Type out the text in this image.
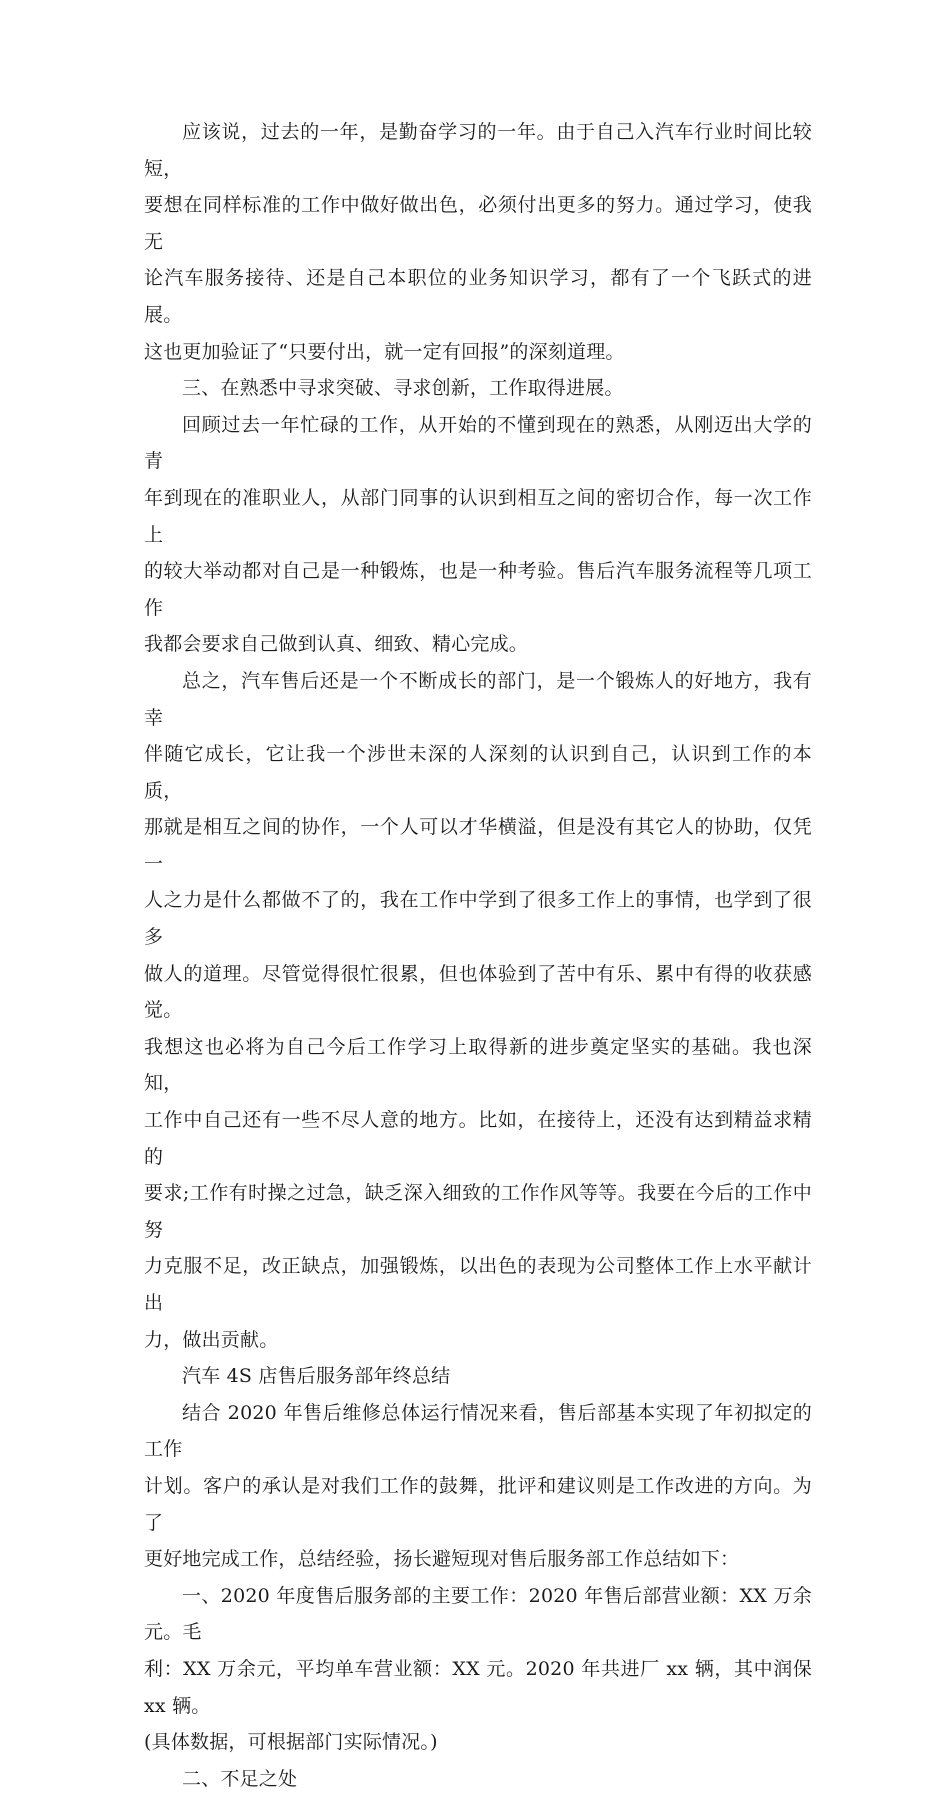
应该说，过去的一年，是勤奋学习的一年。由于自己入汽车行业时间比较短，
要想在同样标准的工作中做好做出色，必须付出更多的努力。通过学习，使我无
论汽车服务接待、还是自己本职位的业务知识学习，都有了一个飞跃式的进展。
这也更加验证了“只要付出，就一定有回报”的深刻道理。

三、在熟悉中寻求突破、寻求创新，工作取得进展。

回顾过去一年忙碌的工作，从开始的不懂到现在的熟悉，从刚迈出大学的青
年到现在的准职业人，从部门同事的认识到相互之间的密切合作，每一次工作上
的较大举动都对自己是一种锻炼，也是一种考验。售后汽车服务流程等几项工作
我都会要求自己做到认真、细致、精心完成。

总之，汽车售后还是一个不断成长的部门，是一个锻炼人的好地方，我有幸
伴随它成长，它让我一个涉世未深的人深刻的认识到自己，认识到工作的本质，
那就是相互之间的协作，一个人可以才华横溢，但是没有其它人的协助，仅凭一
人之力是什么都做不了的，我在工作中学到了很多工作上的事情，也学到了很多
做人的道理。尽管觉得很忙很累，但也体验到了苦中有乐、累中有得的收获感觉。
我想这也必将为自己今后工作学习上取得新的进步奠定坚实的基础。我也深知，
工作中自己还有一些不尽人意的地方。比如，在接待上，还没有达到精益求精的
要求;工作有时操之过急，缺乏深入细致的工作作风等等。我要在今后的工作中努
力克服不足，改正缺点，加强锻炼，以出色的表现为公司整体工作上水平献计出
力，做出贡献。

汽车 4S 店售后服务部年终总结

结合 2020 年售后维修总体运行情况来看，售后部基本实现了年初拟定的工作
计划。客户的承认是对我们工作的鼓舞，批评和建议则是工作改进的方向。为了
更好地完成工作，总结经验，扬长避短现对售后服务部工作总结如下：

一、2020 年度售后服务部的主要工作：2020 年售后部营业额：XX 万余元。毛
利：XX 万余元，平均单车营业额：XX 元。2020 年共进厂 xx 辆，其中润保 xx 辆。
(具体数据，可根据部门实际情况。)

二、不足之处
